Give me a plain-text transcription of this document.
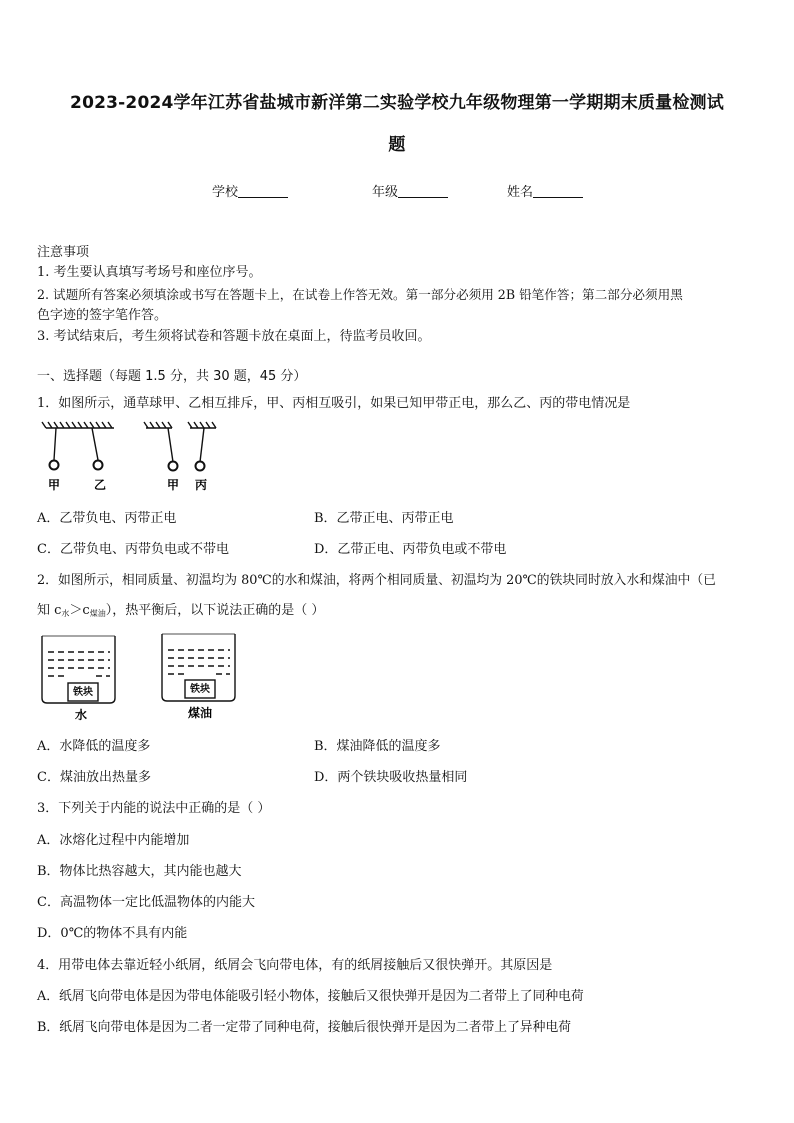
2023-2024学年江苏省盐城市新洋第二实验学校九年级物理第一学期期末质量检测试
题
学校	年级	姓名
注意事项
1. 考生要认真填写考场号和座位序号。
2. 试题所有答案必须填涂或书写在答题卡上，在试卷上作答无效。第一部分必须用 2B 铅笔作答；第二部分必须用黑
色字迹的签字笔作答。
3. 考试结束后，考生须将试卷和答题卡放在桌面上，待监考员收回。
一、选择题（每题 1.5 分，共 30 题，45 分）
1．如图所示，通草球甲、乙相互排斥，甲、丙相互吸引，如果已知甲带正电，那么乙、丙的带电情况是
甲	乙	甲 丙
A．乙带负电、丙带正电	B．乙带正电、丙带正电
C．乙带负电、丙带负电或不带电	D．乙带正电、丙带负电或不带电
2．如图所示，相同质量、初温均为 80℃的水和煤油，将两个相同质量、初温均为 20℃的铁块同时放入水和煤油中（已
知 $c_水>c_{煤油}$），热平衡后，以下说法正确的是（ ）
铁块	铁块
水	煤油
A．水降低的温度多	B．煤油降低的温度多
C．煤油放出热量多	D．两个铁块吸收热量相同
3．下列关于内能的说法中正确的是（ ）
A．冰熔化过程中内能增加
B．物体比热容越大，其内能也越大
C．高温物体一定比低温物体的内能大
D．0℃的物体不具有内能
4．用带电体去靠近轻小纸屑，纸屑会飞向带电体，有的纸屑接触后又很快弹开。其原因是
A．纸屑飞向带电体是因为带电体能吸引轻小物体，接触后又很快弹开是因为二者带上了同种电荷
B．纸屑飞向带电体是因为二者一定带了同种电荷，接触后很快弹开是因为二者带上了异种电荷
